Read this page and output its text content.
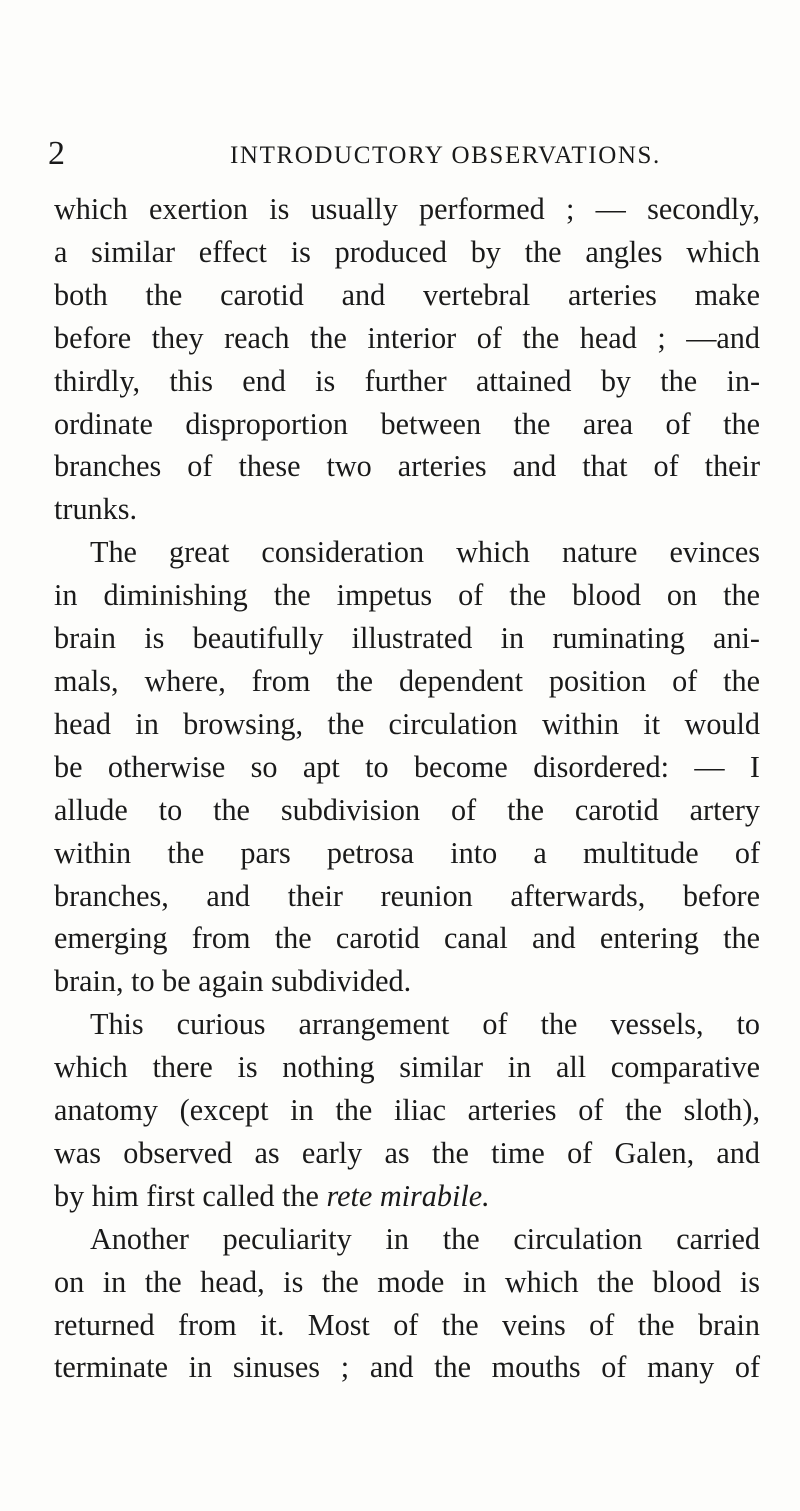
2	INTRODUCTORY OBSERVATIONS.

which exertion is usually performed ; — secondly,
a similar effect is produced by the angles which
both the carotid and vertebral arteries make
before they reach the interior of the head ; —and
thirdly, this end is further attained by the in-
ordinate disproportion between the area of the
branches of these two arteries and that of their
trunks.

The great consideration which nature evinces
in diminishing the impetus of the blood on the
brain is beautifully illustrated in ruminating ani-
mals, where, from the dependent position of the
head in browsing, the circulation within it would
be otherwise so apt to become disordered: — I
allude to the subdivision of the carotid artery
within the pars petrosa into a multitude of
branches, and their reunion afterwards, before
emerging from the carotid canal and entering the
brain, to be again subdivided.

This curious arrangement of the vessels, to
which there is nothing similar in all comparative
anatomy (except in the iliac arteries of the sloth),
was observed as early as the time of Galen, and
by him first called the rete mirabile.

Another peculiarity in the circulation carried
on in the head, is the mode in which the blood is
returned from it. Most of the veins of the brain
terminate in sinuses ; and the mouths of many of
